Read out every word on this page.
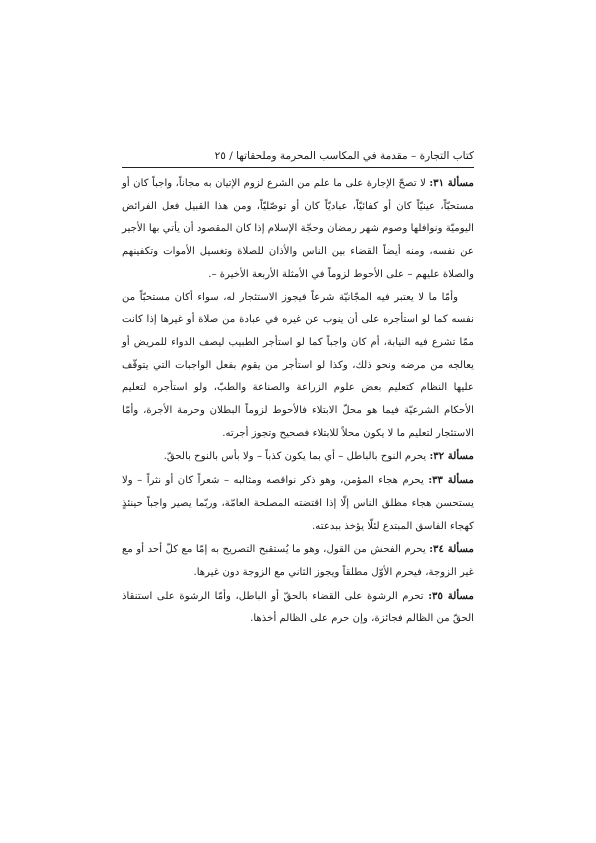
كتاب التجارة – مقدمة في المكاسب المحرمة وملحقاتها / ٢٥

مسألة ٣١: لا تصحّ الإجارة على ما علم من الشرع لزوم الإتيان به مجاناً، واجباً كان أو مستحبّاً، عينيّاً كان أو كفائيّاً، عباديّاً كان أو توصّليّاً، ومن هذا القبيل فعل الفرائض اليوميّة ونوافلها وصوم شهر رمضان وحجّة الإسلام إذا كان المقصود أن يأتي بها الأجير عن نفسه، ومنه أيضاً القضاء بين الناس والأذان للصلاة وتغسيل الأموات وتكفينهم والصلاة عليهم – على الأحوط لزوماً في الأمثلة الأربعة الأخيرة –.

وأمّا ما لا يعتبر فيه المجّانيّة شرعاً فيجوز الاستئجار له، سواء أكان مستحبّاً من نفسه كما لو استأجره على أن ينوب عن غيره في عبادة من صلاة أو غيرها إذا كانت ممّا تشرع فيه النيابة، أم كان واجباً كما لو استأجر الطبيب ليصف الدواء للمريض أو يعالجه من مرضه ونحو ذلك، وكذا لو استأجر من يقوم بفعل الواجبات التي يتوقّف عليها النظام كتعليم بعض علوم الزراعة والصناعة والطبّ، ولو استأجره لتعليم الأحكام الشرعيّة فيما هو محلّ الابتلاء فالأحوط لزوماً البطلان وحرمة الأجرة، وأمّا الاستئجار لتعليم ما لا يكون محلاً للابتلاء فصحيح وتجوز أجرته.

مسألة ٣٢: يحرم النوح بالباطل – أي بما يكون كذباً – ولا بأس بالنوح بالحقّ.

مسألة ٣٣: يحرم هجاء المؤمن، وهو ذكر نواقصه ومثالبه – شعراً كان أو نثراً – ولا يستحسن هجاء مطلق الناس إلّا إذا اقتضته المصلحة العامّة، وربّما يصير واجباً حينئذٍ كهجاء الفاسق المبتدع لئلّا يؤخذ ببدعته.

مسألة ٣٤: يحرم الفحش من القول، وهو ما يُستقبح التصريح به إمّا مع كلّ أحد أو مع غير الزوجة، فيحرم الأوّل مطلقاً ويجوز الثاني مع الزوجة دون غيرها.

مسألة ٣٥: تحرم الرشوة على القضاء بالحقّ أو الباطل، وأمّا الرشوة على استنقاذ الحقّ من الظالم فجائزة، وإن حرم على الظالم أخذها.
